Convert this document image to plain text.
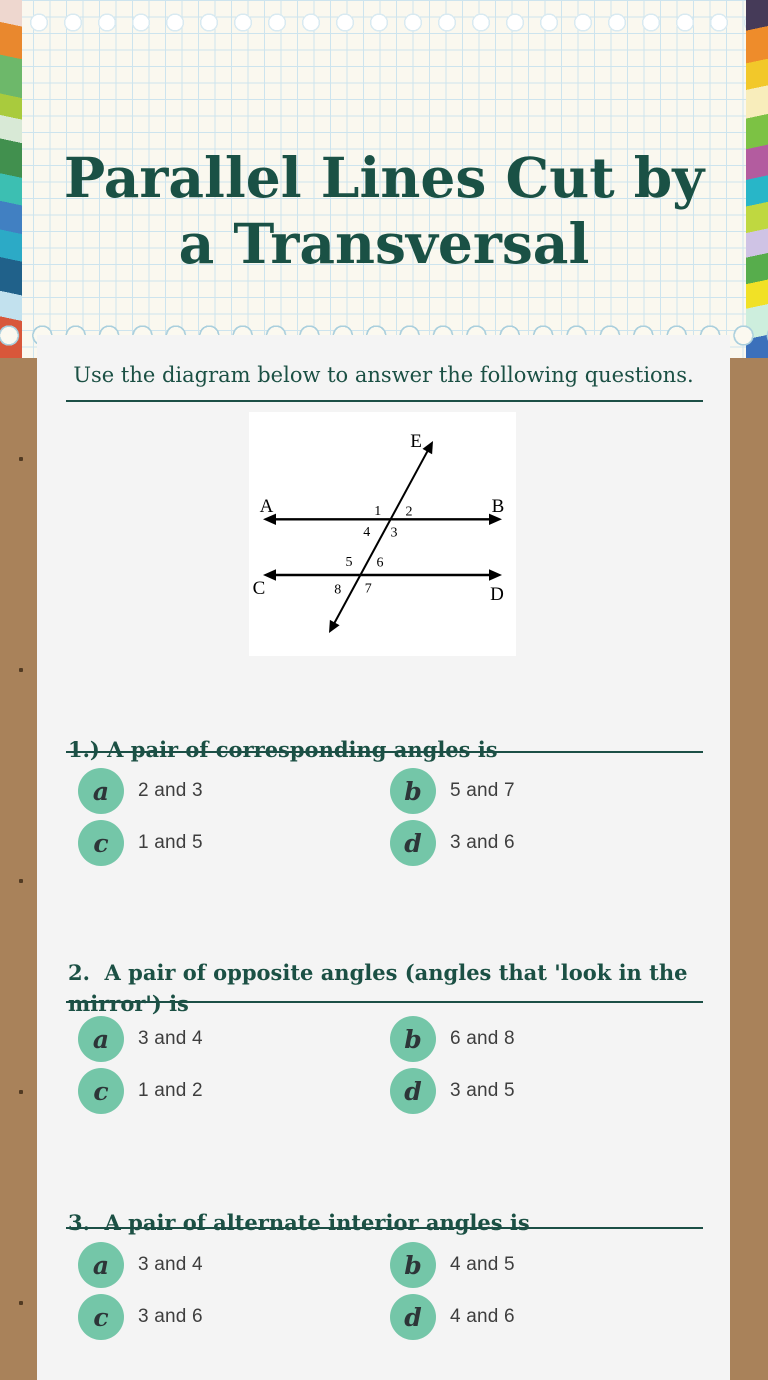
Parallel Lines Cut by
a Transversal
Use the diagram below to answer the following questions.
A	B
C	D
E
1 2
3
4
5 6
7
8
1.) A pair of corresponding angles is
a	2 and 3	b	5 and 7
c	1 and 5	d	3 and 6
2.  A pair of opposite angles (angles that 'look in the mirror') is
a	3 and 4	b	6 and 8
c	1 and 2	d	3 and 5
3.  A pair of alternate interior angles is
a	3 and 4	b	4 and 5
c	3 and 6	d	4 and 6
